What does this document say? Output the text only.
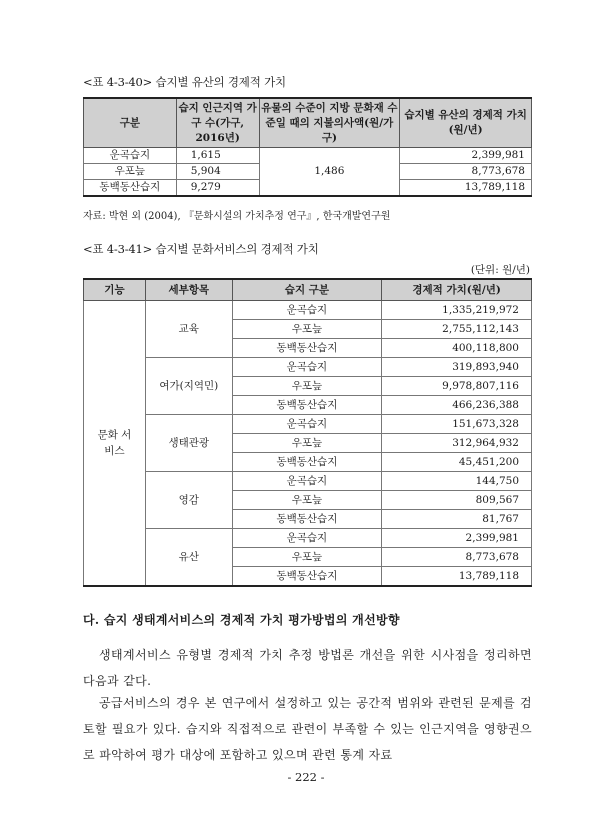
<표 4-3-40> 습지별 유산의 경제적 가치
구분	습지 인근지역 가구 수(가구, 2016년)	유물의 수준이 지방 문화재 수준일 때의 지불의사액(원/가구)	습지별 유산의 경제적 가치(원/년)
운곡습지	1,615	1,486	2,399,981
우포늪	5,904		8,773,678
동백동산습지	9,279		13,789,118
자료: 박현 외 (2004), 『문화시설의 가치추정 연구』, 한국개발연구원
<표 4-3-41> 습지별 문화서비스의 경제적 가치
(단위: 원/년)
기능	세부항목	습지 구분	경제적 가치(원/년)
문화 서비스	교육	운곡습지	1,335,219,972
		우포늪	2,755,112,143
		동백동산습지	400,118,800
	여가(지역민)	운곡습지	319,893,940
		우포늪	9,978,807,116
		동백동산습지	466,236,388
	생태관광	운곡습지	151,673,328
		우포늪	312,964,932
		동백동산습지	45,451,200
	영감	운곡습지	144,750
		우포늪	809,567
		동백동산습지	81,767
	유산	운곡습지	2,399,981
		우포늪	8,773,678
		동백동산습지	13,789,118
다. 습지 생태계서비스의 경제적 가치 평가방법의 개선방향

생태계서비스 유형별 경제적 가치 추정 방법론 개선을 위한 시사점을 정리하면 다음과 같다.

공급서비스의 경우 본 연구에서 설정하고 있는 공간적 범위와 관련된 문제를 검토할 필요가 있다. 습지와 직접적으로 관련이 부족할 수 있는 인근지역을 영향권으로 파악하여 평가 대상에 포함하고 있으며 관련 통계 자료

- 222 -
